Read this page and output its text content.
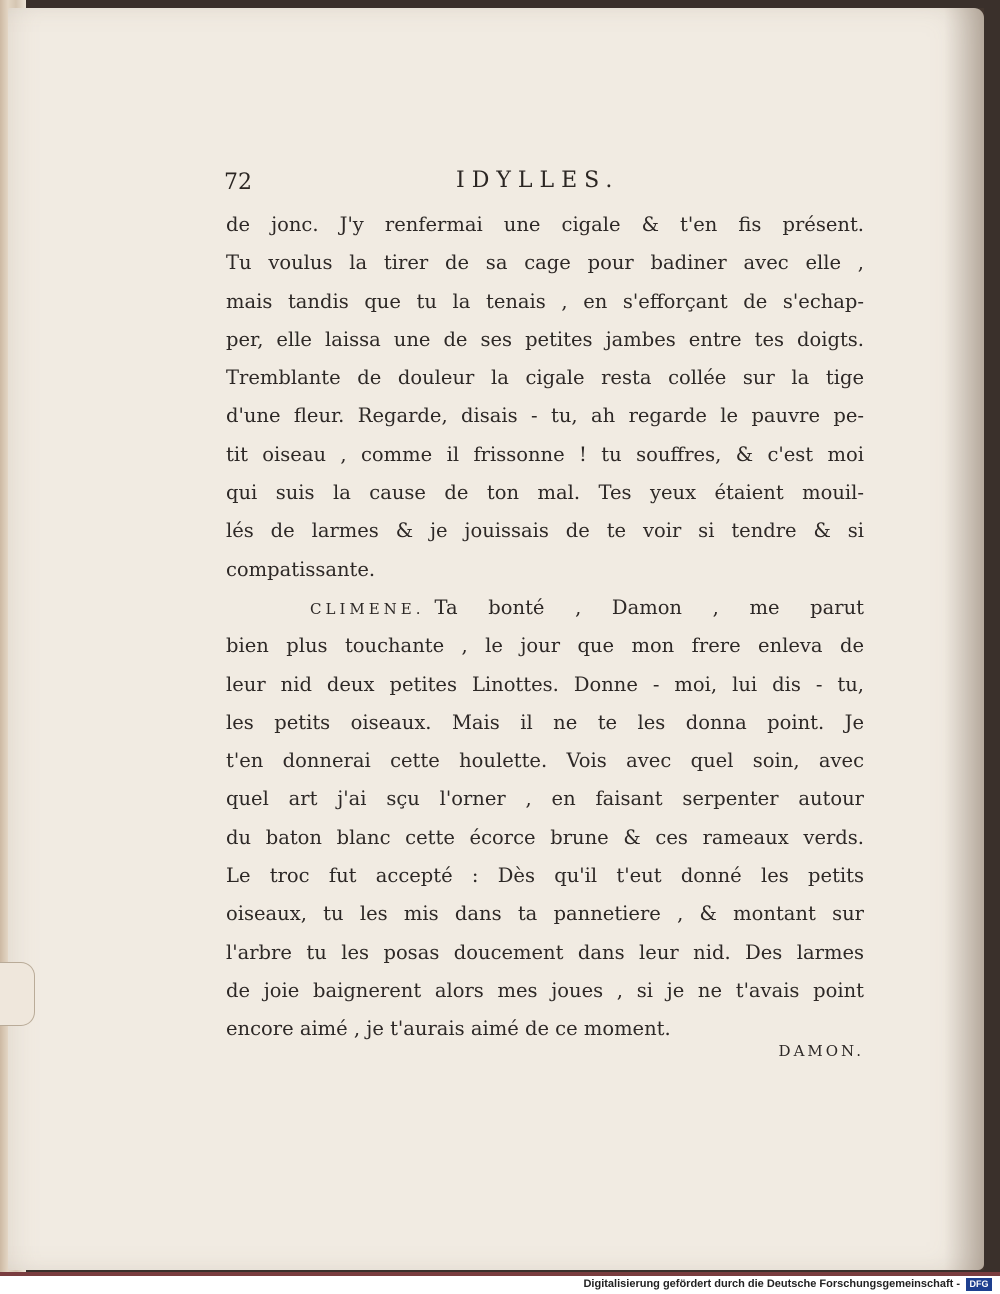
72	IDYLLES.
de jonc. J'y renfermai une cigale & t'en fis présent.
Tu voulus la tirer de sa cage pour badiner avec elle ,
mais tandis que tu la tenais , en s'efforçant de s'echap-
per, elle laissa une de ses petites jambes entre tes doigts.
Tremblante de douleur la cigale resta collée sur la tige
d'une fleur. Regarde, disais - tu, ah regarde le pauvre pe-
tit oiseau , comme il frissonne ! tu souffres, & c'est moi
qui suis la cause de ton mal. Tes yeux étaient mouil-
lés de larmes & je jouissais de te voir si tendre & si
compatissante.
CLIMENE. Ta bonté , Damon , me parut
bien plus touchante , le jour que mon frere enleva de
leur nid deux petites Linottes. Donne - moi, lui dis - tu,
les petits oiseaux. Mais il ne te les donna point. Je
t'en donnerai cette houlette. Vois avec quel soin, avec
quel art j'ai sçu l'orner , en faisant serpenter autour
du baton blanc cette écorce brune & ces rameaux verds.
Le troc fut accepté : Dès qu'il t'eut donné les petits
oiseaux, tu les mis dans ta pannetiere , & montant sur
l'arbre tu les posas doucement dans leur nid. Des larmes
de joie baignerent alors mes joues , si je ne t'avais point
encore aimé , je t'aurais aimé de ce moment.
DAMON.
Digitalisierung gefördert durch die Deutsche Forschungsgemeinschaft -	DFG
